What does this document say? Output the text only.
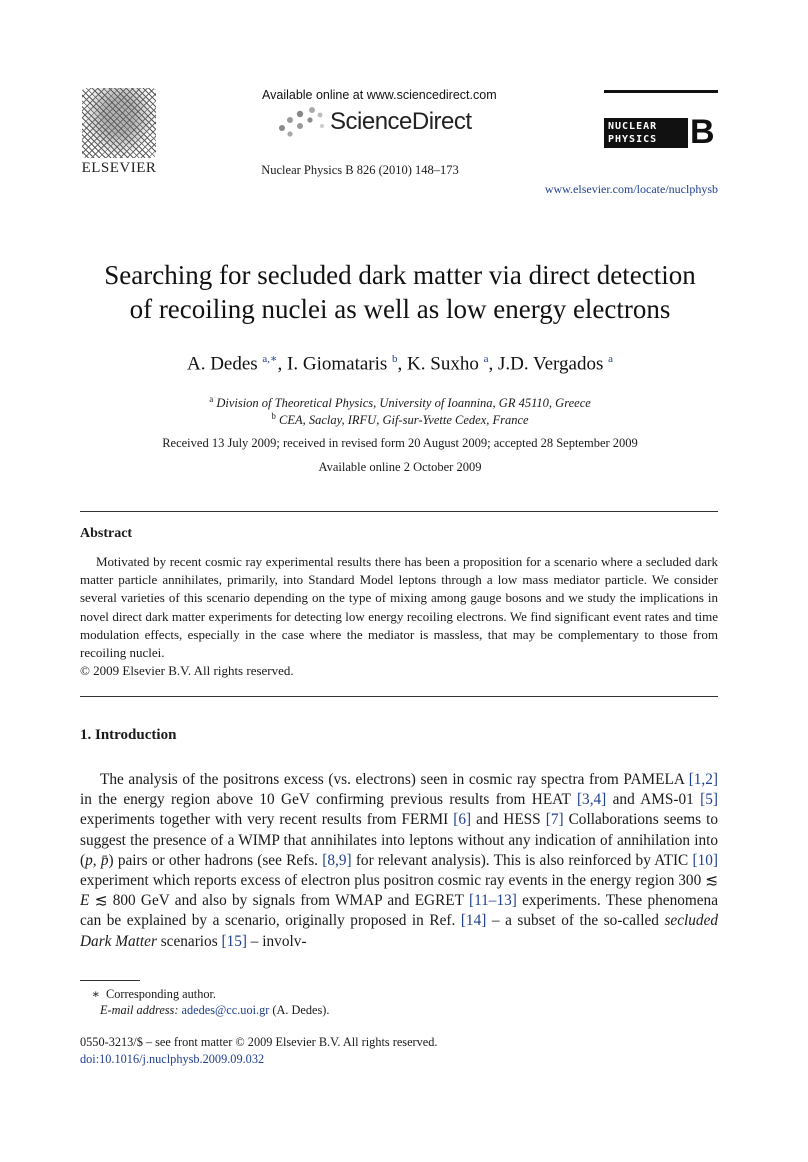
ELSEVIER
Available online at www.sciencedirect.com
ScienceDirect
Nuclear Physics B 826 (2010) 148–173
NUCLEAR
PHYSICS B
www.elsevier.com/locate/nuclphysb
Searching for secluded dark matter via direct detection
of recoiling nuclei as well as low energy electrons
A. Dedes $^{a,∗}$, I. Giomataris $^b$, K. Suxho $^a$, J.D. Vergados $^a$
$^a$ Division of Theoretical Physics, University of Ioannina, GR 45110, Greece
$^b$ CEA, Saclay, IRFU, Gif-sur-Yvette Cedex, France
Received 13 July 2009; received in revised form 20 August 2009; accepted 28 September 2009
Available online 2 October 2009
Abstract
Motivated by recent cosmic ray experimental results there has been a proposition for a scenario where a secluded dark matter particle annihilates, primarily, into Standard Model leptons through a low mass mediator particle. We consider several varieties of this scenario depending on the type of mixing among gauge bosons and we study the implications in novel direct dark matter experiments for detecting low energy recoiling electrons. We find significant event rates and time modulation effects, especially in the case where the mediator is massless, that may be complementary to those from recoiling nuclei.
© 2009 Elsevier B.V. All rights reserved.
1. Introduction

The analysis of the positrons excess (vs. electrons) seen in cosmic ray spectra from PAMELA [1,2] in the energy region above 10 GeV confirming previous results from HEAT [3,4] and AMS-01 [5] experiments together with very recent results from FERMI [6] and HESS [7] Collaborations seems to suggest the presence of a WIMP that annihilates into leptons without any indication of annihilation into (p, p̄) pairs or other hadrons (see Refs. [8,9] for relevant analysis). This is also reinforced by ATIC [10] experiment which reports excess of electron plus positron cosmic ray events in the energy region 300 ≲ E ≲ 800 GeV and also by signals from WMAP and EGRET [11–13] experiments. These phenomena can be explained by a scenario, originally proposed in Ref. [14] – a subset of the so-called secluded Dark Matter scenarios [15] – involv-

∗ Corresponding author.
E-mail address: adedes@cc.uoi.gr (A. Dedes).
0550-3213/$ – see front matter © 2009 Elsevier B.V. All rights reserved.
doi:10.1016/j.nuclphysb.2009.09.032
